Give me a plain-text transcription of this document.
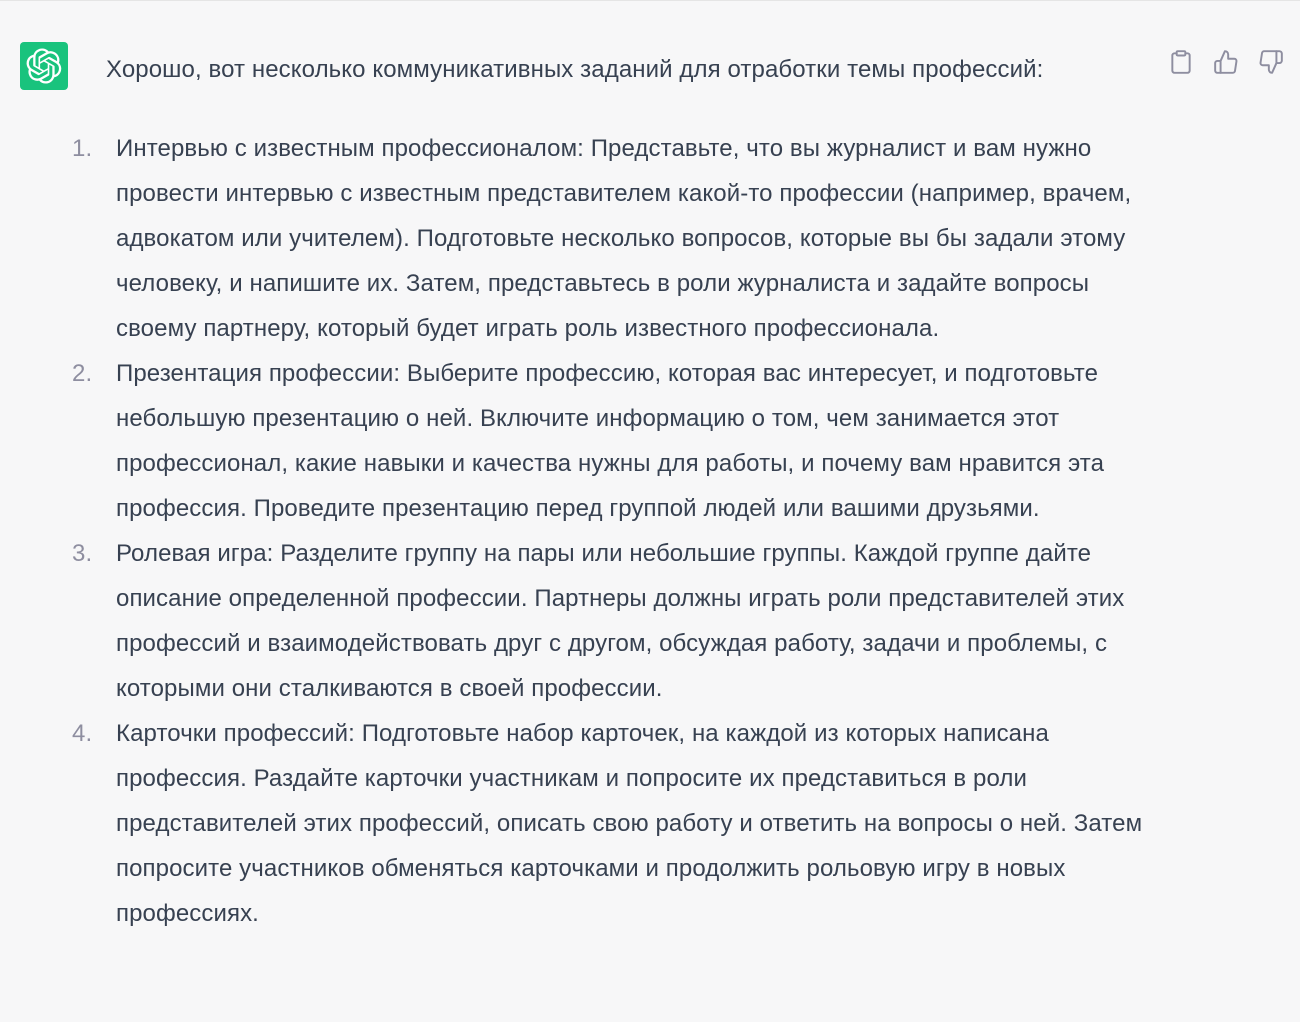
Хорошо, вот несколько коммуникативных заданий для отработки темы профессий:

1. Интервью с известным профессионалом: Представьте, что вы журналист и вам нужно провести интервью с известным представителем какой-то профессии (например, врачем, адвокатом или учителем). Подготовьте несколько вопросов, которые вы бы задали этому человеку, и напишите их. Затем, представьтесь в роли журналиста и задайте вопросы своему партнеру, который будет играть роль известного профессионала.
2. Презентация профессии: Выберите профессию, которая вас интересует, и подготовьте небольшую презентацию о ней. Включите информацию о том, чем занимается этот профессионал, какие навыки и качества нужны для работы, и почему вам нравится эта профессия. Проведите презентацию перед группой людей или вашими друзьями.
3. Ролевая игра: Разделите группу на пары или небольшие группы. Каждой группе дайте описание определенной профессии. Партнеры должны играть роли представителей этих профессий и взаимодействовать друг с другом, обсуждая работу, задачи и проблемы, с которыми они сталкиваются в своей профессии.
4. Карточки профессий: Подготовьте набор карточек, на каждой из которых написана профессия. Раздайте карточки участникам и попросите их представиться в роли представителей этих профессий, описать свою работу и ответить на вопросы о ней. Затем попросите участников обменяться карточками и продолжить рольовую игру в новых профессиях.
